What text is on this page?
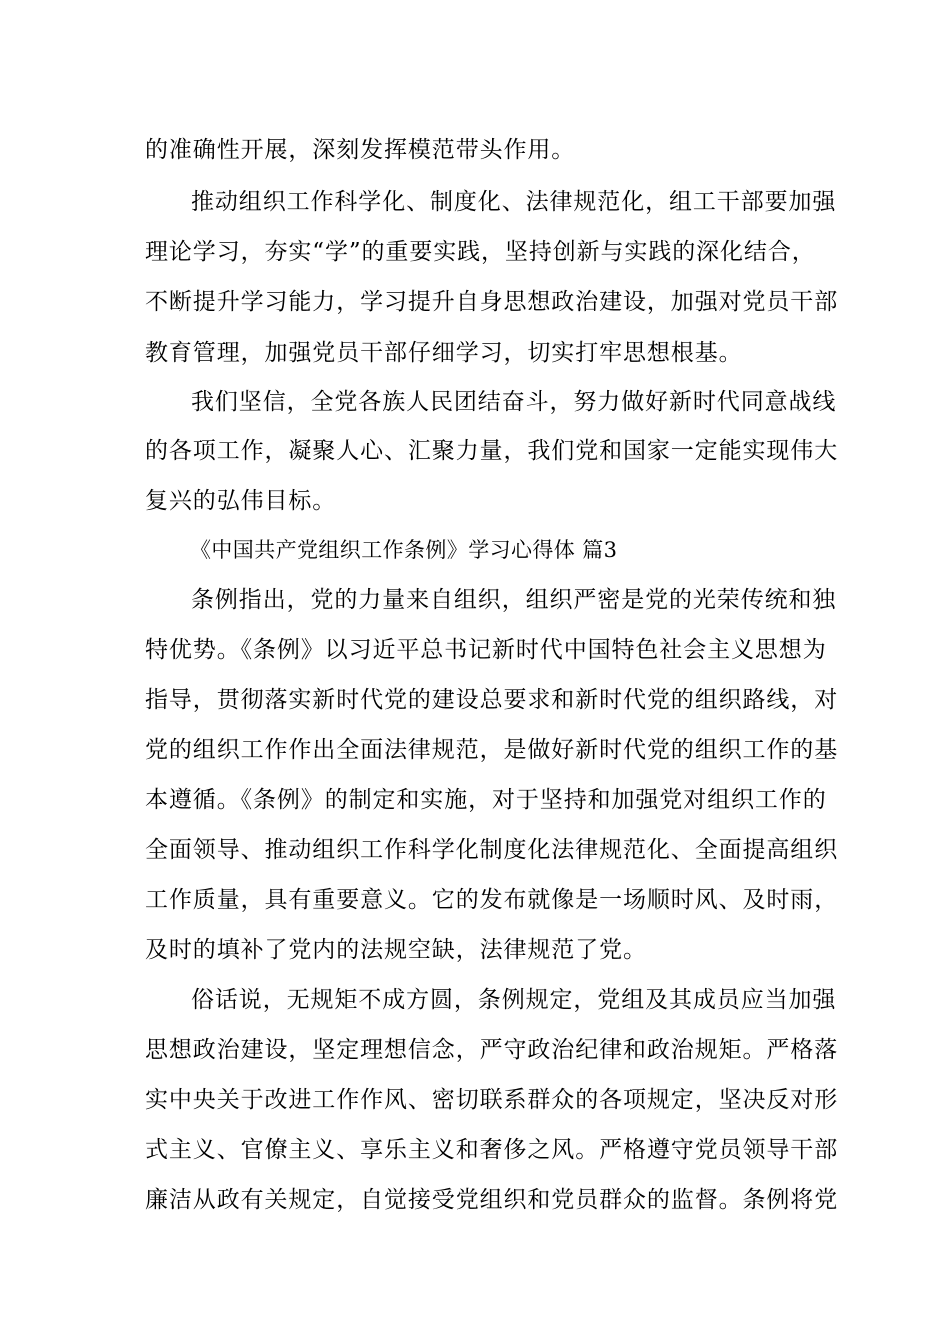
的准确性开展，深刻发挥模范带头作用。
推动组织工作科学化、制度化、法律规范化，组工干部要加强
理论学习，夯实“学”的重要实践，坚持创新与实践的深化结合，
不断提升学习能力，学习提升自身思想政治建设，加强对党员干部
教育管理，加强党员干部仔细学习，切实打牢思想根基。
我们坚信，全党各族人民团结奋斗，努力做好新时代同意战线
的各项工作，凝聚人心、汇聚力量，我们党和国家一定能实现伟大
复兴的弘伟目标。
《中国共产党组织工作条例》学习心得体 篇3
条例指出，党的力量来自组织，组织严密是党的光荣传统和独
特优势。《条例》以习近平总书记新时代中国特色社会主义思想为
指导，贯彻落实新时代党的建设总要求和新时代党的组织路线，对
党的组织工作作出全面法律规范，是做好新时代党的组织工作的基
本遵循。《条例》的制定和实施，对于坚持和加强党对组织工作的
全面领导、推动组织工作科学化制度化法律规范化、全面提高组织
工作质量，具有重要意义。它的发布就像是一场顺时风、及时雨，
及时的填补了党内的法规空缺，法律规范了党。
俗话说，无规矩不成方圆，条例规定，党组及其成员应当加强
思想政治建设，坚定理想信念，严守政治纪律和政治规矩。严格落
实中央关于改进工作作风、密切联系群众的各项规定，坚决反对形
式主义、官僚主义、享乐主义和奢侈之风。严格遵守党员领导干部
廉洁从政有关规定，自觉接受党组织和党员群众的监督。条例将党
